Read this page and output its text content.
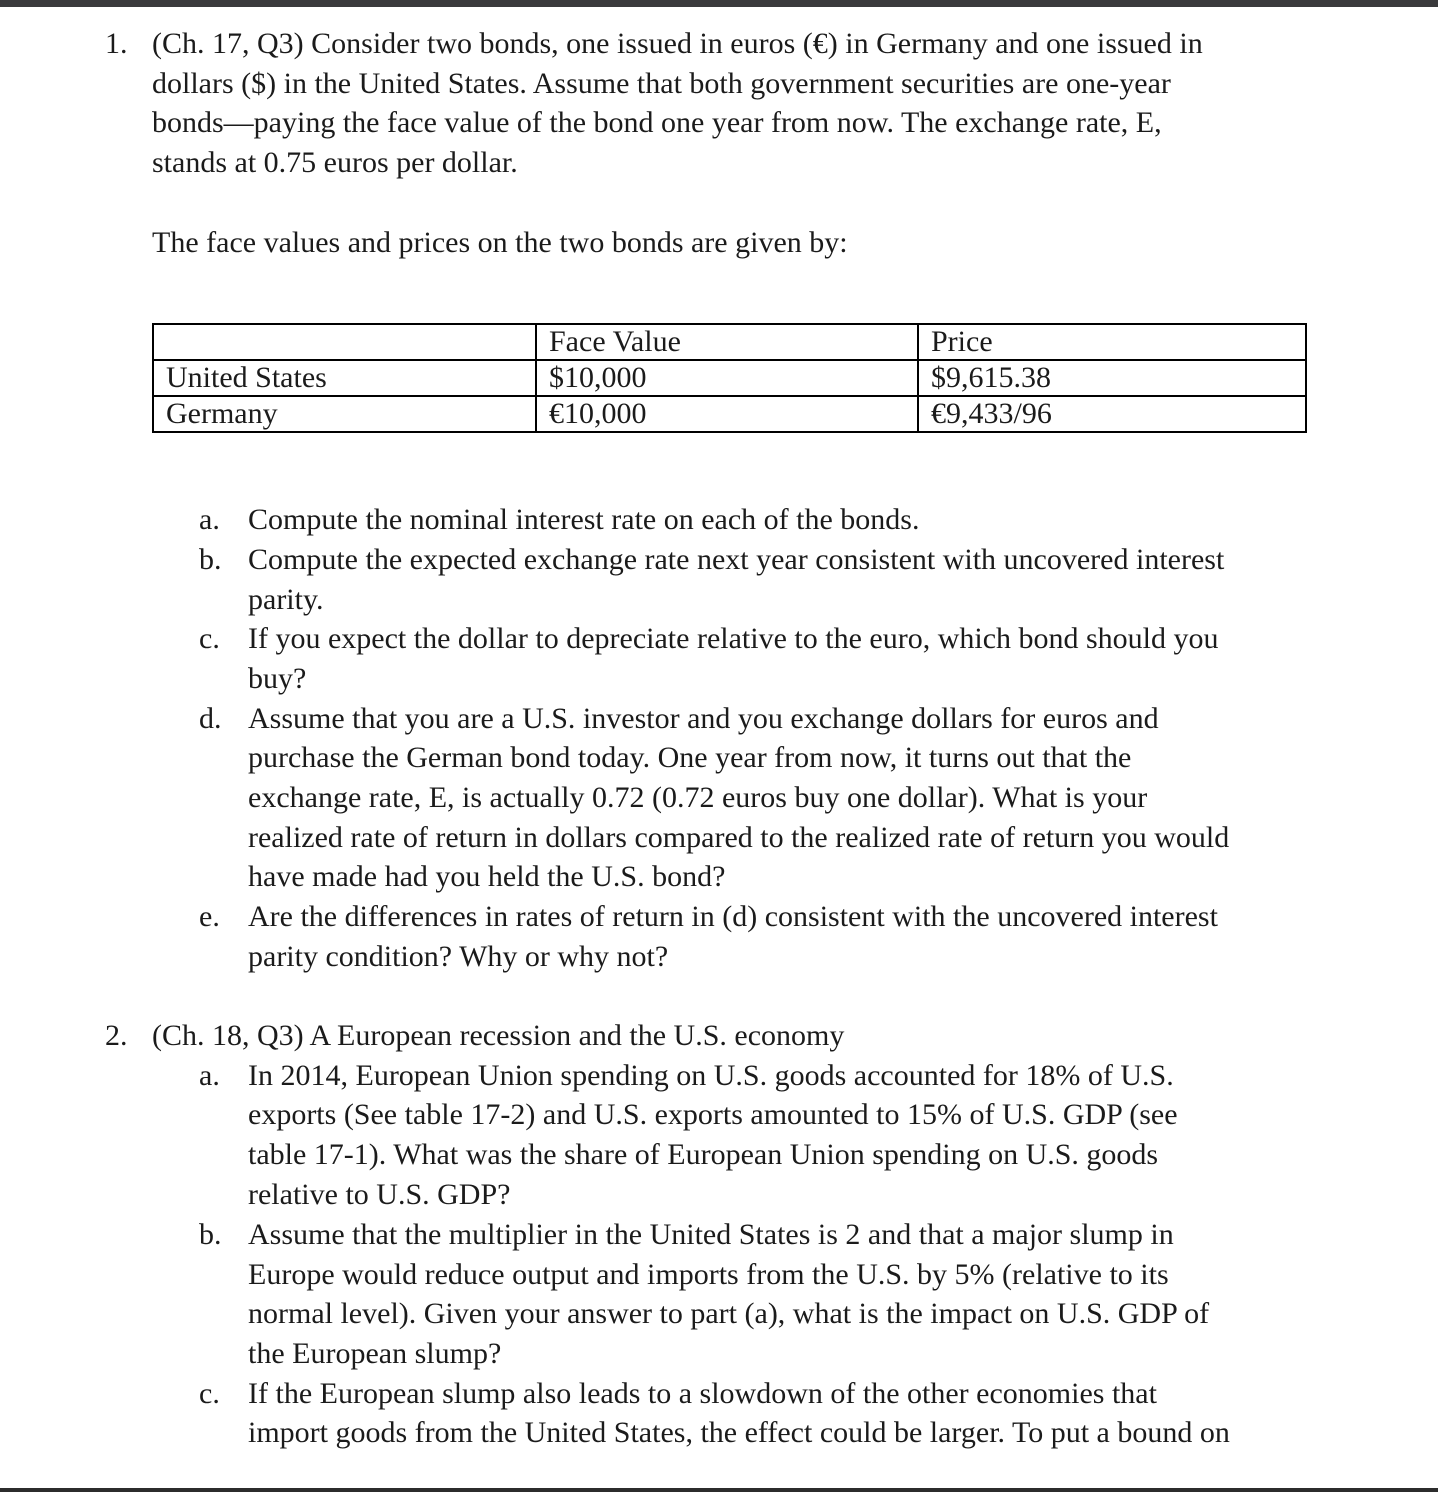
1. (Ch. 17, Q3) Consider two bonds, one issued in euros (€) in Germany and one issued in
dollars ($) in the United States. Assume that both government securities are one-year
bonds—paying the face value of the bond one year from now. The exchange rate, E,
stands at 0.75 euros per dollar.
The face values and prices on the two bonds are given by:
	Face Value	Price
United States	$10,000	$9,615.38
Germany	€10,000	€9,433/96
a. Compute the nominal interest rate on each of the bonds.
b. Compute the expected exchange rate next year consistent with uncovered interest
parity.
c. If you expect the dollar to depreciate relative to the euro, which bond should you
buy?
d. Assume that you are a U.S. investor and you exchange dollars for euros and
purchase the German bond today. One year from now, it turns out that the
exchange rate, E, is actually 0.72 (0.72 euros buy one dollar). What is your
realized rate of return in dollars compared to the realized rate of return you would
have made had you held the U.S. bond?
e. Are the differences in rates of return in (d) consistent with the uncovered interest
parity condition? Why or why not?
2. (Ch. 18, Q3) A European recession and the U.S. economy
a. In 2014, European Union spending on U.S. goods accounted for 18% of U.S.
exports (See table 17-2) and U.S. exports amounted to 15% of U.S. GDP (see
table 17-1). What was the share of European Union spending on U.S. goods
relative to U.S. GDP?
b. Assume that the multiplier in the United States is 2 and that a major slump in
Europe would reduce output and imports from the U.S. by 5% (relative to its
normal level). Given your answer to part (a), what is the impact on U.S. GDP of
the European slump?
c. If the European slump also leads to a slowdown of the other economies that
import goods from the United States, the effect could be larger. To put a bound on
